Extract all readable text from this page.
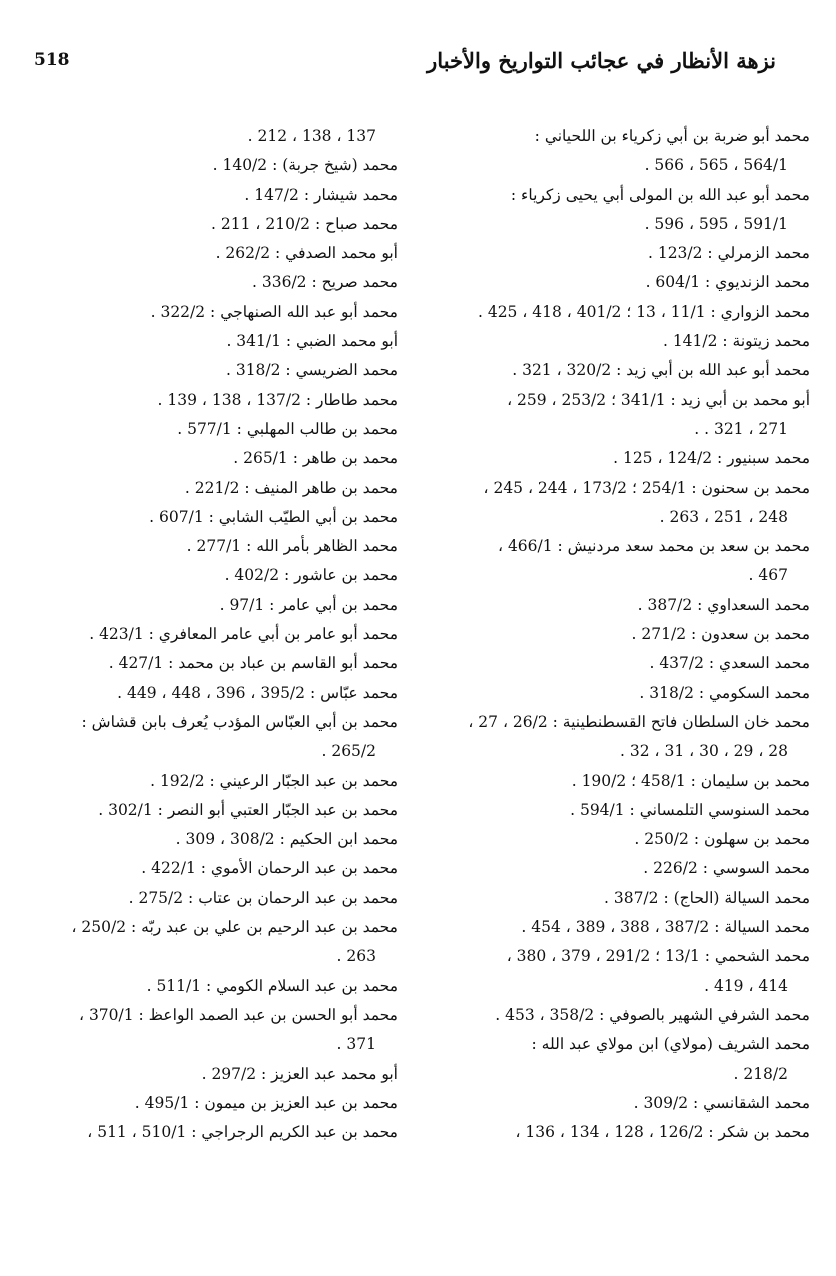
نزهة الأنظار في عجائب التواريخ والأخبار
518
محمد أبو ضربة بن أبي زكرياء بن اللحياني :
564/1 ، 565 ، 566 .
محمد أبو عبد الله بن المولى أبي يحيى زكرياء :
591/1 ، 595 ، 596 .
محمد الزمرلي : 123/2 .
محمد الزنديوي : 604/1 .
محمد الزواري : 11/1 ، 13 ؛ 401/2 ، 418 ، 425 .
محمد زيتونة : 141/2 .
محمد أبو عبد الله بن أبي زيد : 320/2 ، 321 .
أبو محمد بن أبي زيد : 341/1 ؛ 253/2 ، 259 ،
271 ، 321 . .
محمد سبنيور : 124/2 ، 125 .
محمد بن سحنون : 254/1 ؛ 173/2 ، 244 ، 245 ،
248 ، 251 ، 263 .
محمد بن سعد بن محمد سعد مردنيش : 466/1 ،
467 .
محمد السعداوي : 387/2 .
محمد بن سعدون : 271/2 .
محمد السعدي : 437/2 .
محمد السكومي : 318/2 .
محمد خان السلطان فاتح القسطنطينية : 26/2 ، 27 ،
28 ، 29 ، 30 ، 31 ، 32 .
محمد بن سليمان : 458/1 ؛ 190/2 .
محمد السنوسي التلمساني : 594/1 .
محمد بن سهلون : 250/2 .
محمد السوسي : 226/2 .
محمد السيالة (الحاج) : 387/2 .
محمد السيالة : 387/2 ، 388 ، 389 ، 454 .
محمد الشحمي : 13/1 ؛ 291/2 ، 379 ، 380 ،
414 ، 419 .
محمد الشرفي الشهير بالصوفي : 358/2 ، 453 .
محمد الشريف (مولاي) ابن مولاي عبد الله :
218/2 .
محمد الشقانسي : 309/2 .
محمد بن شكر : 126/2 ، 128 ، 134 ، 136 ،
137 ، 138 ، 212 .
محمد (شيخ جربة) : 140/2 .
محمد شيشار : 147/2 .
محمد صباح : 210/2 ، 211 .
أبو محمد الصدفي : 262/2 .
محمد صريح : 336/2 .
محمد أبو عبد الله الصنهاجي : 322/2 .
أبو محمد الضبي : 341/1 .
محمد الضريسي : 318/2 .
محمد طاطار : 137/2 ، 138 ، 139 .
محمد بن طالب المهلبي : 577/1 .
محمد بن طاهر : 265/1 .
محمد بن طاهر المنيف : 221/2 .
محمد بن أبي الطيّب الشابي : 607/1 .
محمد الظاهر بأمر الله : 277/1 .
محمد بن عاشور : 402/2 .
محمد بن أبي عامر : 97/1 .
محمد أبو عامر بن أبي عامر المعافري : 423/1 .
محمد أبو القاسم بن عباد بن محمد : 427/1 .
محمد عبّاس : 395/2 ، 396 ، 448 ، 449 .
محمد بن أبي العبّاس المؤدب يُعرف بابن قشاش :
265/2 .
محمد بن عبد الجبّار الرعيني : 192/2 .
محمد بن عبد الجبّار العتبي أبو النصر : 302/1 .
محمد ابن الحكيم : 308/2 ، 309 .
محمد بن عبد الرحمان الأموي : 422/1 .
محمد بن عبد الرحمان بن عتاب : 275/2 .
محمد بن عبد الرحيم بن علي بن عبد ربّه : 250/2 ،
263 .
محمد بن عبد السلام الكومي : 511/1 .
محمد أبو الحسن بن عبد الصمد الواعظ : 370/1 ،
371 .
أبو محمد عبد العزيز : 297/2 .
محمد بن عبد العزيز بن ميمون : 495/1 .
محمد بن عبد الكريم الرجراجي : 510/1 ، 511 ،
